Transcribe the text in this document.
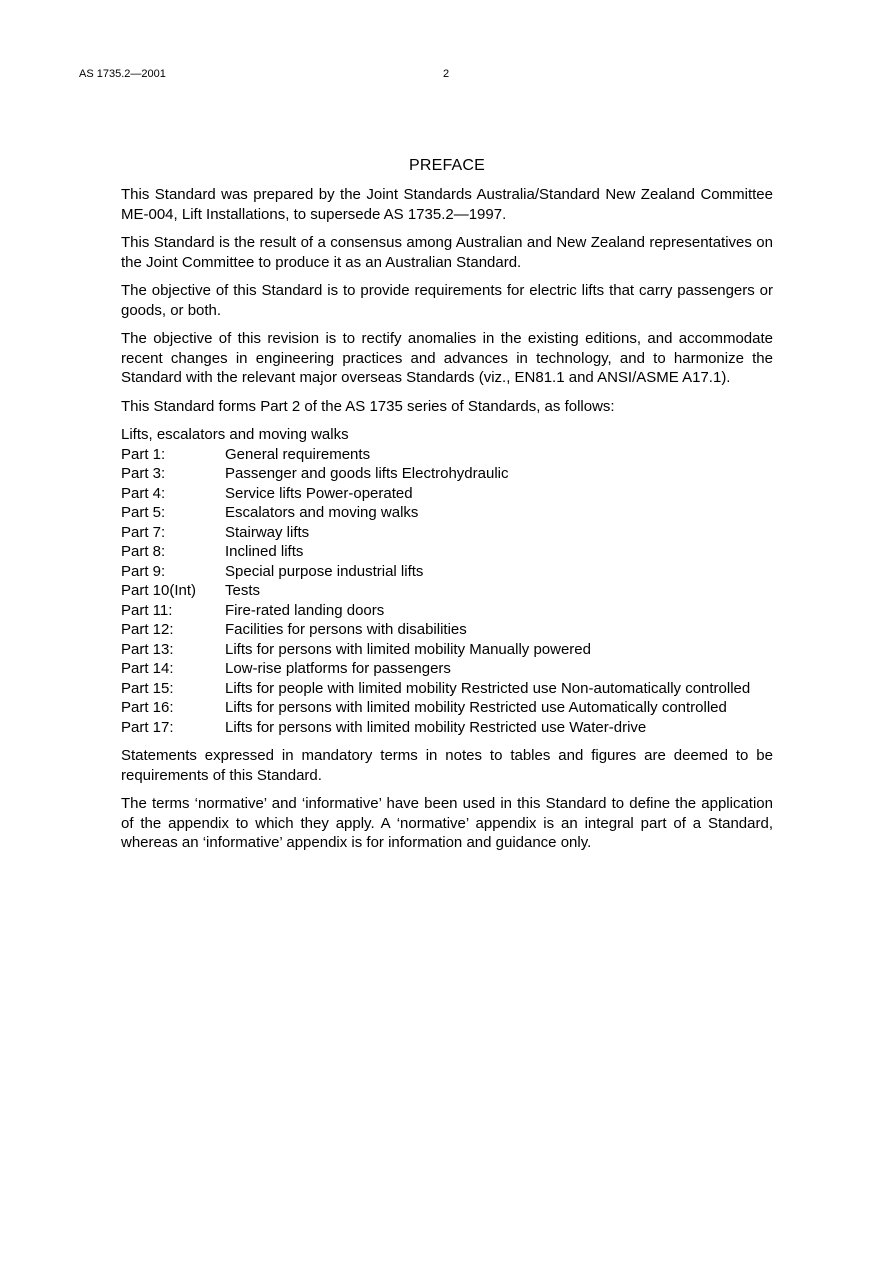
AS 1735.2—2001	2
PREFACE

This Standard was prepared by the Joint Standards Australia/Standard New Zealand Committee ME-004, Lift Installations, to supersede AS 1735.2—1997.

This Standard is the result of a consensus among Australian and New Zealand representatives on the Joint Committee to produce it as an Australian Standard.

The objective of this Standard is to provide requirements for electric lifts that carry passengers or goods, or both.

The objective of this revision is to rectify anomalies in the existing editions, and accommodate recent changes in engineering practices and advances in technology, and to harmonize the Standard with the relevant major overseas Standards (viz., EN81.1 and ANSI/ASME A17.1).

This Standard forms Part 2 of the AS 1735 series of Standards, as follows:

Lifts, escalators and moving walks
Part 1:	General requirements
Part 3:	Passenger and goods lifts Electrohydraulic
Part 4:	Service lifts Power-operated
Part 5:	Escalators and moving walks
Part 7:	Stairway lifts
Part 8:	Inclined lifts
Part 9:	Special purpose industrial lifts
Part 10(Int)	Tests
Part 11:	Fire-rated landing doors
Part 12:	Facilities for persons with disabilities
Part 13:	Lifts for persons with limited mobility Manually powered
Part 14:	Low-rise platforms for passengers
Part 15:	Lifts for people with limited mobility Restricted use Non-automatically controlled
Part 16:	Lifts for persons with limited mobility Restricted use Automatically controlled
Part 17:	Lifts for persons with limited mobility Restricted use Water-drive

Statements expressed in mandatory terms in notes to tables and figures are deemed to be requirements of this Standard.

The terms ‘normative’ and ‘informative’ have been used in this Standard to define the application of the appendix to which they apply. A ‘normative’ appendix is an integral part of a Standard, whereas an ‘informative’ appendix is for information and guidance only.
